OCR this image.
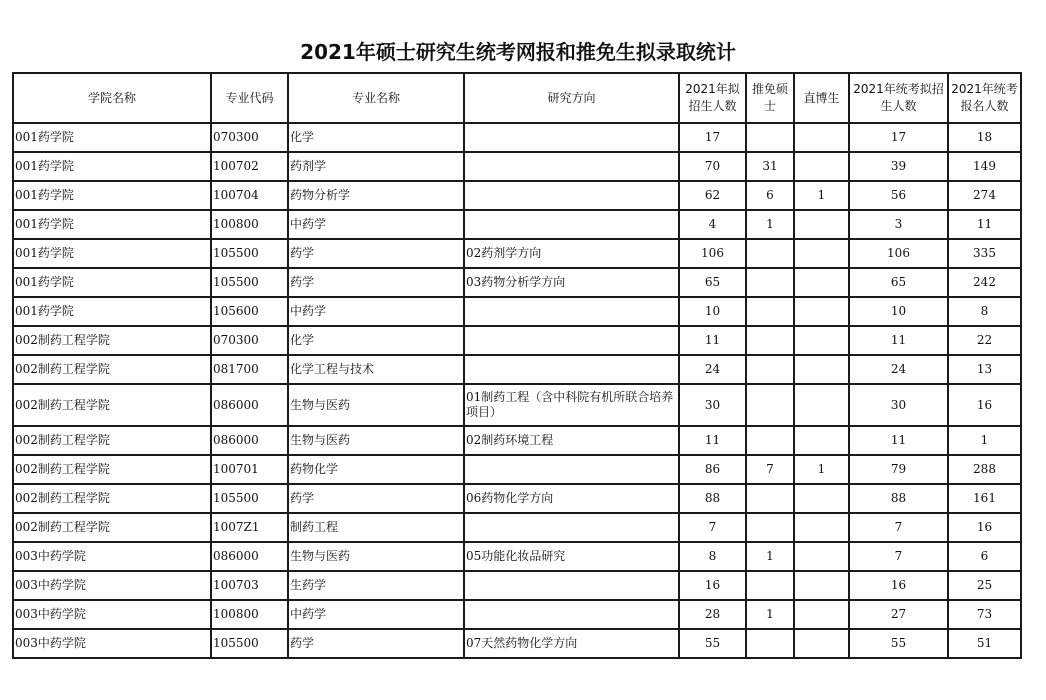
2021年硕士研究生统考网报和推免生拟录取统计
学院名称	专业代码	专业名称	研究方向	2021年拟招生人数	推免硕士	直博生	2021年统考拟招生人数	2021年统考报名人数
001药学院	070300	化学		17			17	18
001药学院	100702	药剂学		70	31		39	149
001药学院	100704	药物分析学		62	6	1	56	274
001药学院	100800	中药学		4	1		3	11
001药学院	105500	药学	02药剂学方向	106			106	335
001药学院	105500	药学	03药物分析学方向	65			65	242
001药学院	105600	中药学		10			10	8
002制药工程学院	070300	化学		11			11	22
002制药工程学院	081700	化学工程与技术		24			24	13
002制药工程学院	086000	生物与医药	01制药工程（含中科院有机所联合培养项目）	30			30	16
002制药工程学院	086000	生物与医药	02制药环境工程	11			11	1
002制药工程学院	100701	药物化学		86	7	1	79	288
002制药工程学院	105500	药学	06药物化学方向	88			88	161
002制药工程学院	1007Z1	制药工程		7			7	16
003中药学院	086000	生物与医药	05功能化妆品研究	8	1		7	6
003中药学院	100703	生药学		16			16	25
003中药学院	100800	中药学		28	1		27	73
003中药学院	105500	药学	07天然药物化学方向	55			55	51
